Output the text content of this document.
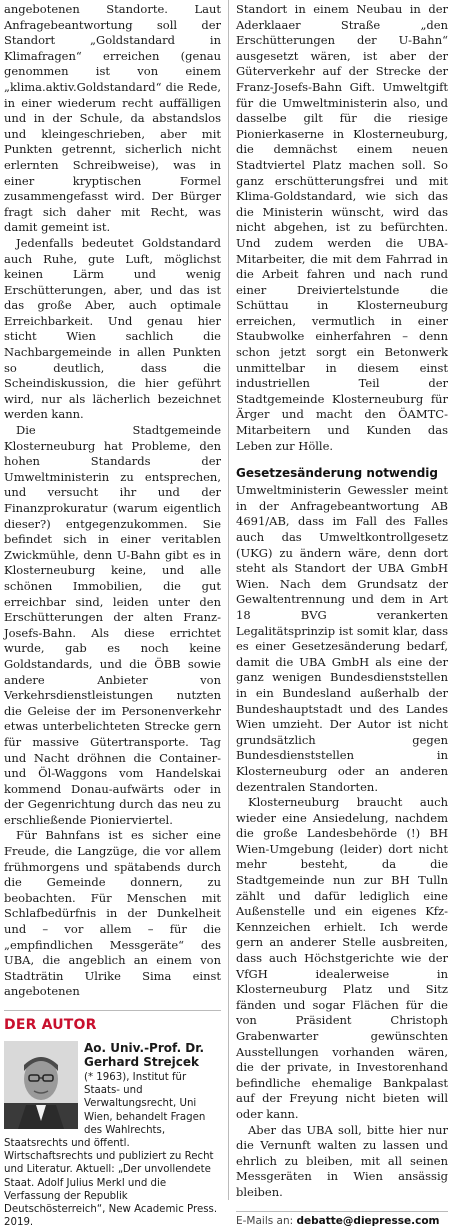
angebotenen Standorte. Laut Anfragebeantwortung soll der Standort „Goldstandard in Klimafragen“ erreichen (genau genommen ist von einem „klima.aktiv.Goldstandard“ die Rede, in einer wiederum recht auffälligen und in der Schule, da abstandslos und kleingeschrieben, aber mit Punkten getrennt, sicherlich nicht erlernten Schreibweise), was in einer kryptischen Formel zusammengefasst wird. Der Bürger fragt sich daher mit Recht, was damit gemeint ist.

Jedenfalls bedeutet Goldstandard auch Ruhe, gute Luft, möglichst keinen Lärm und wenig Erschütterungen, aber, und das ist das große Aber, auch optimale Erreichbarkeit. Und genau hier sticht Wien sachlich die Nachbargemeinde in allen Punkten so deutlich, dass die Scheindiskussion, die hier geführt wird, nur als lächerlich bezeichnet werden kann.

Die Stadtgemeinde Klosterneuburg hat Probleme, den hohen Standards der Umweltministerin zu entsprechen, und versucht ihr und der Finanzprokuratur (warum eigentlich dieser?) entgegenzukommen. Sie befindet sich in einer veritablen Zwickmühle, denn U-Bahn gibt es in Klosterneuburg keine, und alle schönen Immobilien, die gut erreichbar sind, leiden unter den Erschütterungen der alten Franz-Josefs-Bahn. Als diese errichtet wurde, gab es noch keine Goldstandards, und die ÖBB sowie andere Anbieter von Verkehrsdienstleistungen nutzten die Geleise der im Personenverkehr etwas unterbelichteten Strecke gern für massive Gütertransporte. Tag und Nacht dröhnen die Container- und Öl-Waggons vom Handelskai kommend Donau-aufwärts oder in der Gegenrichtung durch das neu zu erschließende Pionierviertel.

Für Bahnfans ist es sicher eine Freude, die Langzüge, die vor allem frühmorgens und spätabends durch die Gemeinde donnern, zu beobachten. Für Menschen mit Schlafbedürfnis in der Dunkelheit und – vor allem – für die „empfindlichen Messgeräte“ des UBA, die angeblich an einem von Stadträtin Ulrike Sima einst angebotenen

DER AUTOR
Ao. Univ.-Prof. Dr. Gerhard Strejcek
(* 1963), Institut für Staats- und Verwaltungsrecht, Uni Wien, behandelt Fragen des Wahlrechts, Staatsrechts und öffentl. Wirtschaftsrechts und publiziert zu Recht und Literatur. Aktuell: „Der unvollendete Staat. Adolf Julius Merkl und die Verfassung der Republik Deutschösterreich“, New Academic Press. 2019.

Standort in einem Neubau in der Aderklaaer Straße „den Erschütterungen der U-Bahn“ ausgesetzt wären, ist aber der Güterverkehr auf der Strecke der Franz-Josefs-Bahn Gift. Umweltgift für die Umweltministerin also, und dasselbe gilt für die riesige Pionierkaserne in Klosterneuburg, die demnächst einem neuen Stadtviertel Platz machen soll. So ganz erschütterungsfrei und mit Klima-Goldstandard, wie sich das die Ministerin wünscht, wird das nicht abgehen, ist zu befürchten. Und zudem werden die UBA-Mitarbeiter, die mit dem Fahrrad in die Arbeit fahren und nach rund einer Dreiviertelstunde die Schüttau in Klosterneuburg erreichen, vermutlich in einer Staubwolke einherfahren – denn schon jetzt sorgt ein Betonwerk unmittelbar in diesem einst industriellen Teil der Stadtgemeinde Klosterneuburg für Ärger und macht den ÖAMTC-Mitarbeitern und Kunden das Leben zur Hölle.

Gesetzesänderung notwendig

Umweltministerin Gewessler meint in der Anfragebeantwortung AB 4691/AB, dass im Fall des Falles auch das Umweltkontrollgesetz (UKG) zu ändern wäre, denn dort steht als Standort der UBA GmbH Wien. Nach dem Grundsatz der Gewaltentrennung und dem in Art 18 BVG verankerten Legalitätsprinzip ist somit klar, dass es einer Gesetzesänderung bedarf, damit die UBA GmbH als eine der ganz wenigen Bundesdienststellen in ein Bundesland außerhalb der Bundeshauptstadt und des Landes Wien umzieht. Der Autor ist nicht grundsätzlich gegen Bundesdienststellen in Klosterneuburg oder an anderen dezentralen Standorten.

Klosterneuburg braucht auch wieder eine Ansiedelung, nachdem die große Landesbehörde (!) BH Wien-Umgebung (leider) dort nicht mehr besteht, da die Stadtgemeinde nun zur BH Tulln zählt und dafür lediglich eine Außenstelle und ein eigenes Kfz-Kennzeichen erhielt. Ich werde gern an anderer Stelle ausbreiten, dass auch Höchstgerichte wie der VfGH idealerweise in Klosterneuburg Platz und Sitz fänden und sogar Flächen für die von Präsident Christoph Grabenwarter gewünschten Ausstellungen vorhanden wären, die der private, in Investorenhand befindliche ehemalige Bankpalast auf der Freyung nicht bieten will oder kann.

Aber das UBA soll, bitte hier nur die Vernunft walten zu lassen und ehrlich zu bleiben, mit all seinen Messgeräten in Wien ansässig bleiben.

E-Mails an: debatte@diepresse.com
